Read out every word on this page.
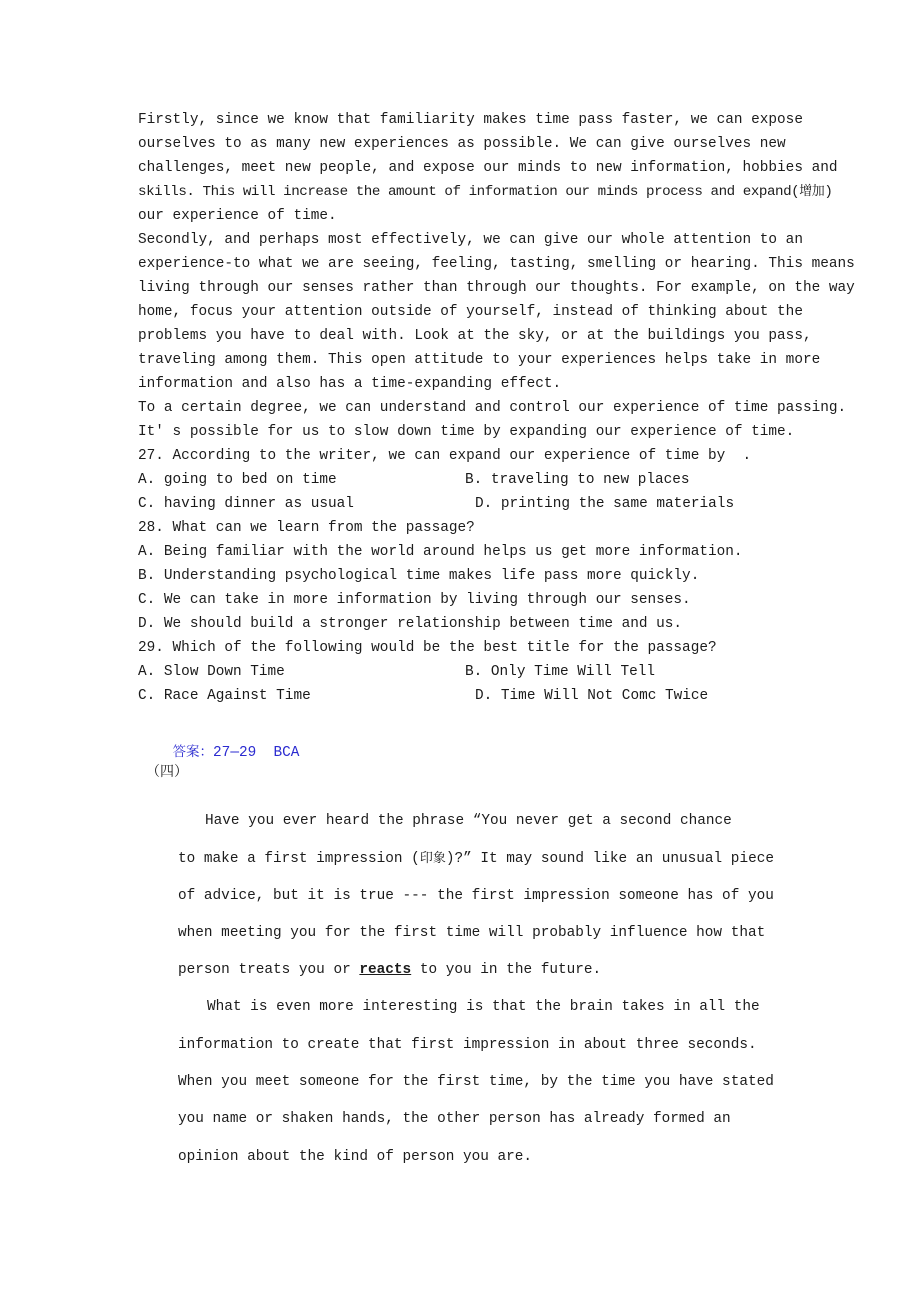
Firstly, since we know that familiarity makes time pass faster, we can expose
ourselves to as many new experiences as possible. We can give ourselves new
challenges, meet new people, and expose our minds to new information, hobbies and
skills. This will increase the amount of information our minds process and expand(增加)
our experience of time.
Secondly, and perhaps most effectively, we can give our whole attention to an
experience-to what we are seeing, feeling, tasting, smelling or hearing. This means
living through our senses rather than through our thoughts. For example, on the way
home, focus your attention outside of yourself, instead of thinking about the
problems you have to deal with. Look at the sky, or at the buildings you pass,
traveling among them. This open attitude to your experiences helps take in more
information and also has a time-expanding effect.
To a certain degree, we can understand and control our experience of time passing.
It' s possible for us to slow down time by expanding our experience of time.
27. According to the writer, we can expand our experience of time by  .
A. going to bed on time	B. traveling to new places
C. having dinner as usual	D. printing the same materials
28. What can we learn from the passage?
A. Being familiar with the world around helps us get more information.
B. Understanding psychological time makes life pass more quickly.
C. We can take in more information by living through our senses.
D. We should build a stronger relationship between time and us.
29. Which of the following would be the best title for the passage?
A. Slow Down Time	B. Only Time Will Tell
C. Race Against Time	D. Time Will Not Comc Twice

答案：27—29 BCA

（四）
Have you ever heard the phrase “You never get a second chance
to make a first impression (印象)?” It may sound like an unusual piece
of advice, but it is true --- the first impression someone has of you
when meeting you for the first time will probably influence how that
person treats you or reacts to you in the future.
What is even more interesting is that the brain takes in all the
information to create that first impression in about three seconds.
When you meet someone for the first time, by the time you have stated
you name or shaken hands, the other person has already formed an
opinion about the kind of person you are.
